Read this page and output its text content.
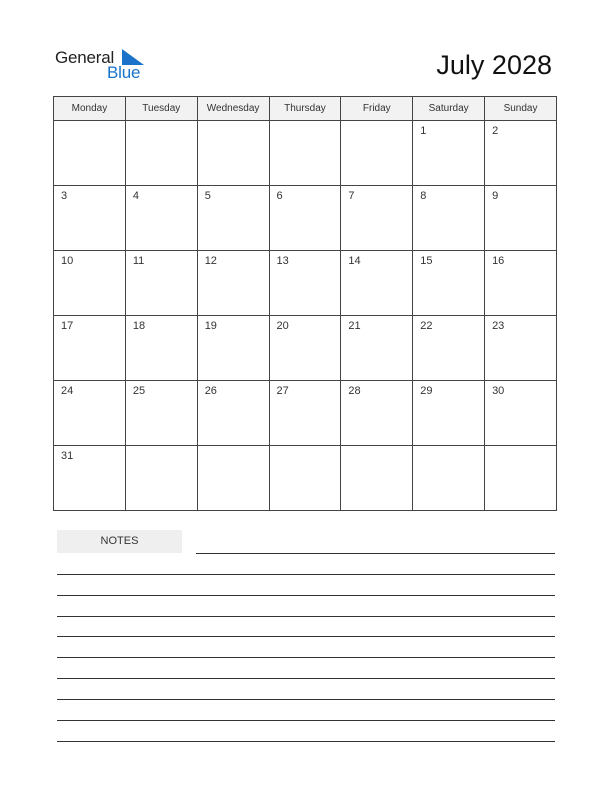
General
Blue	July 2028
Monday	Tuesday	Wednesday	Thursday	Friday	Saturday	Sunday

					1	2

3	4	5	6	7	8	9

10	11	12	13	14	15	16

17	18	19	20	21	22	23

24	25	26	27	28	29	30

31						

NOTES
